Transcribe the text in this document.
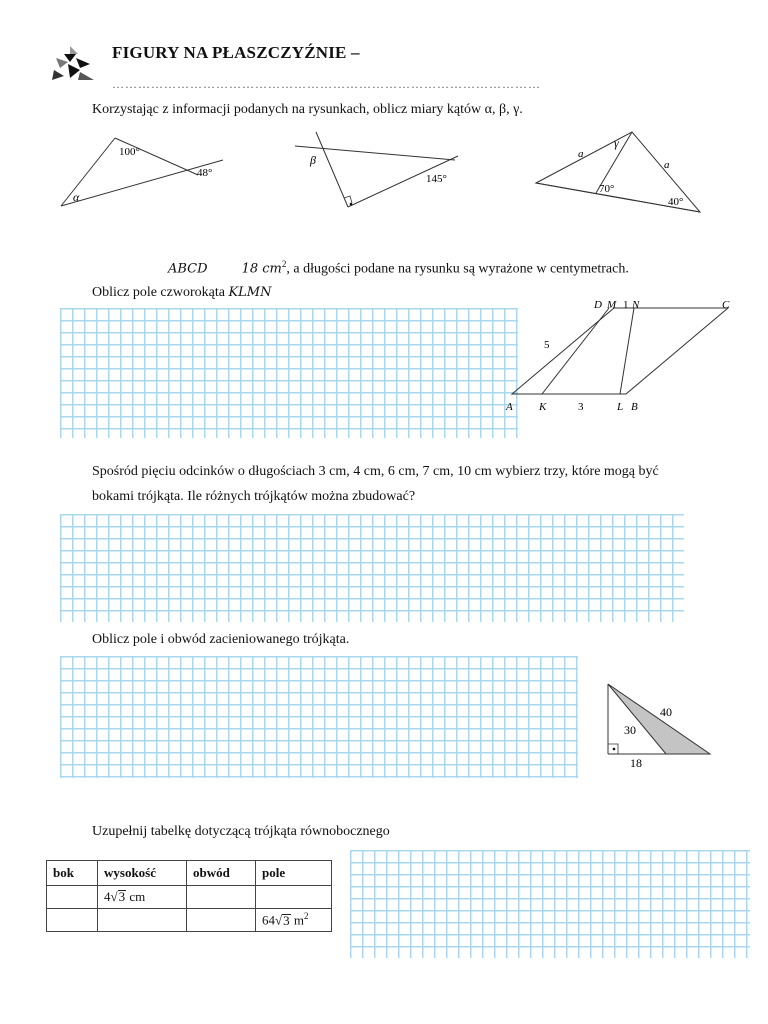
FIGURY NA PŁASZCZYŹNIE –
………………………………………………………………………………………
Korzystając z informacji podanych na rysunkach, oblicz miary kątów α, β, γ.
100°
48°
α
β
145°
a
a
γ
70°
40°
ABCD	18 $cm^2$, a długości podane na rysunku są wyrażone w centymetrach.
Oblicz pole czworokąta KLMN
D M 1 N	C
5
A K	3	L B
Spośród pięciu odcinków o długościach 3 cm, 4 cm, 6 cm, 7 cm, 10 cm wybierz trzy, które mogą być
bokami trójkąta. Ile różnych trójkątów można zbudować?
Oblicz pole i obwód zacieniowanego trójkąta.
40
30
18
Uzupełnij tabelkę dotyczącą trójkąta równobocznego
bok	wysokość	obwód	pole
	4√3 cm		
			64√3 $m^2$
